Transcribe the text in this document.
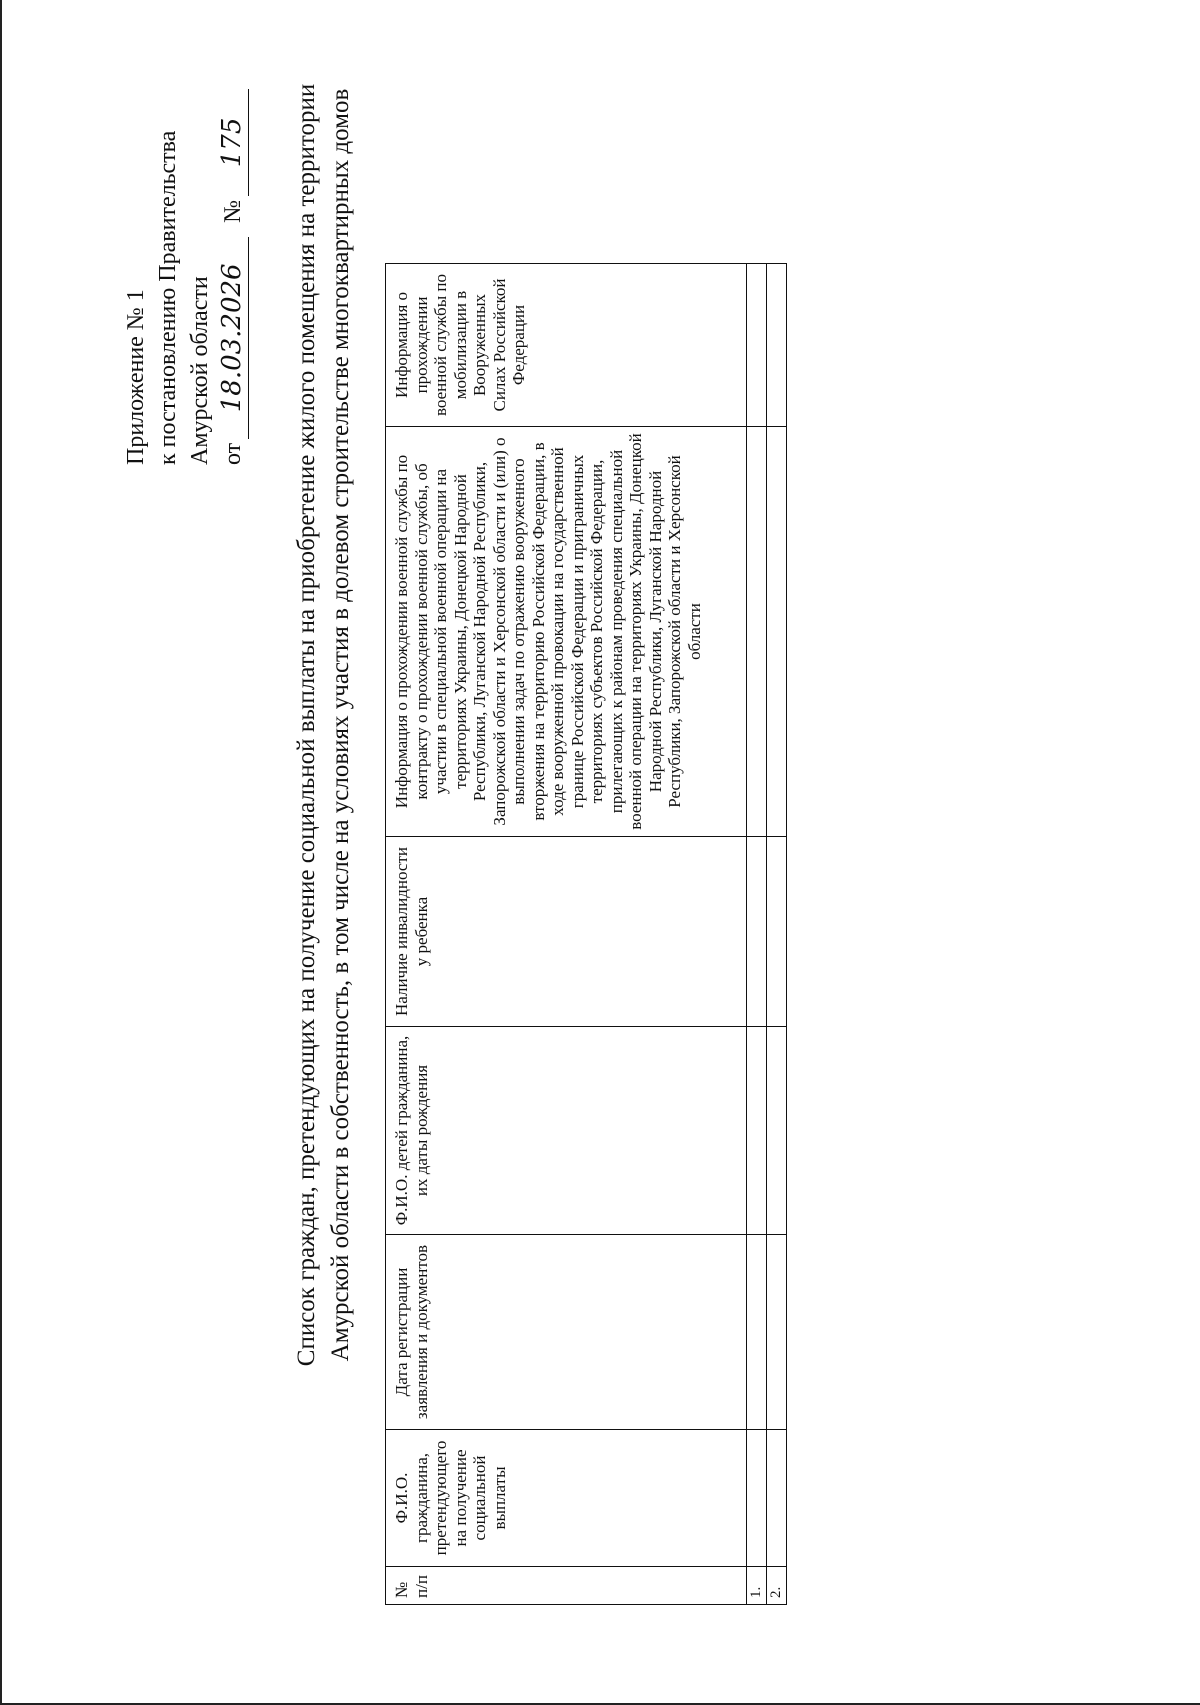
Приложение № 1 к постановлению Правительства Амурской области от
18.03.2026
№
175 Список граждан, претендующих на получение социальной выплаты на приобретение жилого помещения на территории Амурской области в собственность, в том числе на условиях участия в долевом строительстве многоквартирных домов
№ п/п	Ф.И.О. гражданина, претендующего на получение социальной выплаты	Дата регистрации заявления и документов	Ф.И.О. детей гражданина, их даты рождения	Наличие инвалидности у ребенка	Информация о прохождении военной службы по контракту о прохождении военной службы, об участии в специальной военной операции на территориях Украины, Донецкой Народной Республики, Луганской Народной Республики, Запорожской области и Херсонской области и (или) о выполнении задач по отражению вооруженного вторжения на территорию Российской Федерации, в ходе вооруженной провокации на государственной границе Российской Федерации и приграничных территориях субъектов Российской Федерации, прилегающих к районам проведения специальной военной операции на территориях Украины, Донецкой Народной Республики, Луганской Народной Республики, Запорожской области и Херсонской области	Информация о прохождении военной службы по мобилизации в Вооруженных Силах Российской Федерации
1.						
2.						
